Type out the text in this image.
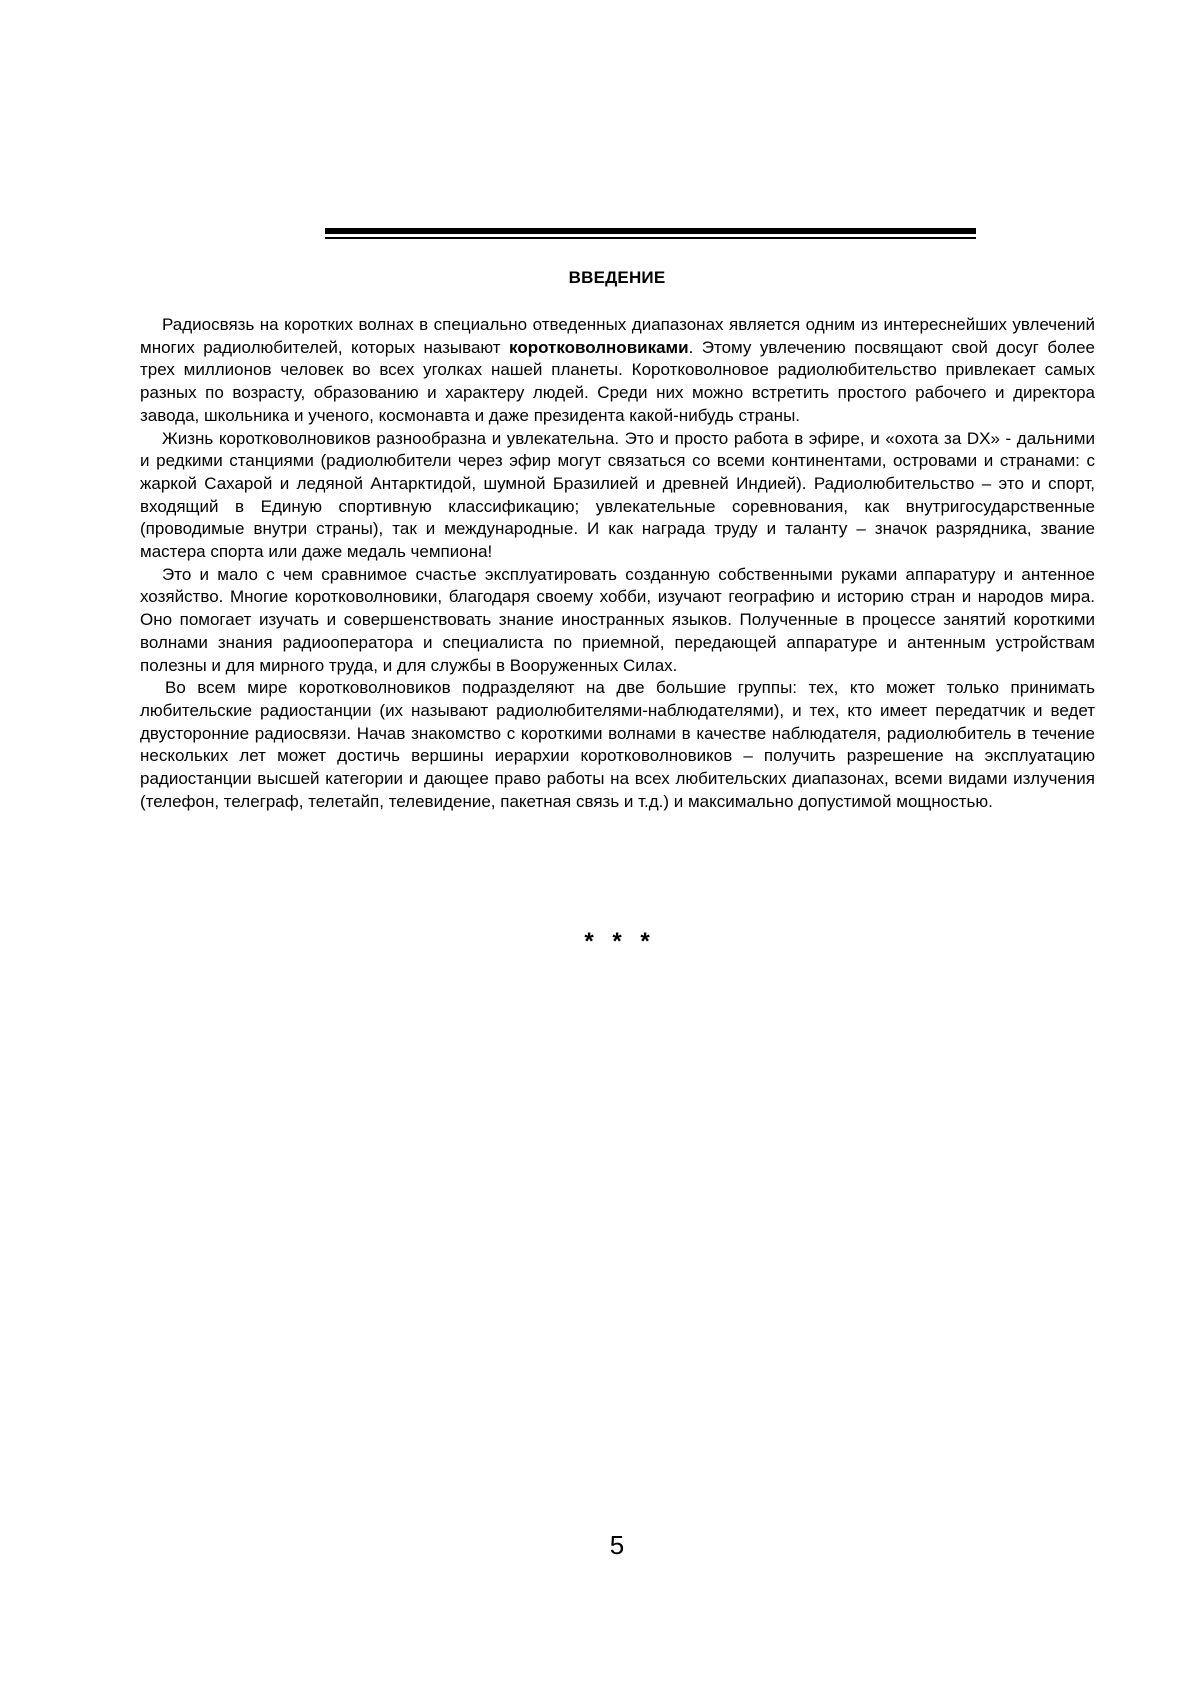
ВВЕДЕНИЕ

Радиосвязь на коротких волнах в специально отведенных диапазонах является одним из интереснейших увлечений многих радиолюбителей, которых называют коротковолновиками. Этому увлечению посвящают свой досуг более трех миллионов человек во всех уголках нашей планеты. Коротковолновое радиолюбительство привлекает самых разных по возрасту, образованию и характеру людей. Среди них можно встретить простого рабочего и директора завода, школьника и ученого, космонавта и даже президента какой-нибудь страны.

Жизнь коротковолновиков разнообразна и увлекательна. Это и просто работа в эфире, и «охота за DX» - дальними и редкими станциями (радиолюбители через эфир могут связаться со всеми континентами, островами и странами: с жаркой Сахарой и ледяной Антарктидой, шумной Бразилией и древней Индией). Радиолюбительство – это и спорт, входящий в Единую спортивную классификацию; увлекательные соревнования, как внутригосударственные (проводимые внутри страны), так и международные. И как награда труду и таланту – значок разрядника, звание мастера спорта или даже медаль чемпиона!

Это и мало с чем сравнимое счастье эксплуатировать созданную собственными руками аппаратуру и антенное хозяйство. Многие коротковолновики, благодаря своему хобби, изучают географию и историю стран и народов мира. Оно помогает изучать и совершенствовать знание иностранных языков. Полученные в процессе занятий короткими волнами знания радиооператора и специалиста по приемной, передающей аппаратуре и антенным устройствам полезны и для мирного труда, и для службы в Вооруженных Силах.

Во всем мире коротковолновиков подразделяют на две большие группы: тех, кто может только принимать любительские радиостанции (их называют радиолюбителями-наблюдателями), и тех, кто имеет передатчик и ведет двусторонние радиосвязи. Начав знакомство с короткими волнами в качестве наблюдателя, радиолюбитель в течение нескольких лет может достичь вершины иерархии коротковолновиков – получить разрешение на эксплуатацию радиостанции высшей категории и дающее право работы на всех любительских диапазонах, всеми видами излучения (телефон, телеграф, телетайп, телевидение, пакетная связь и т.д.) и максимально допустимой мощностью.

* * *

5
